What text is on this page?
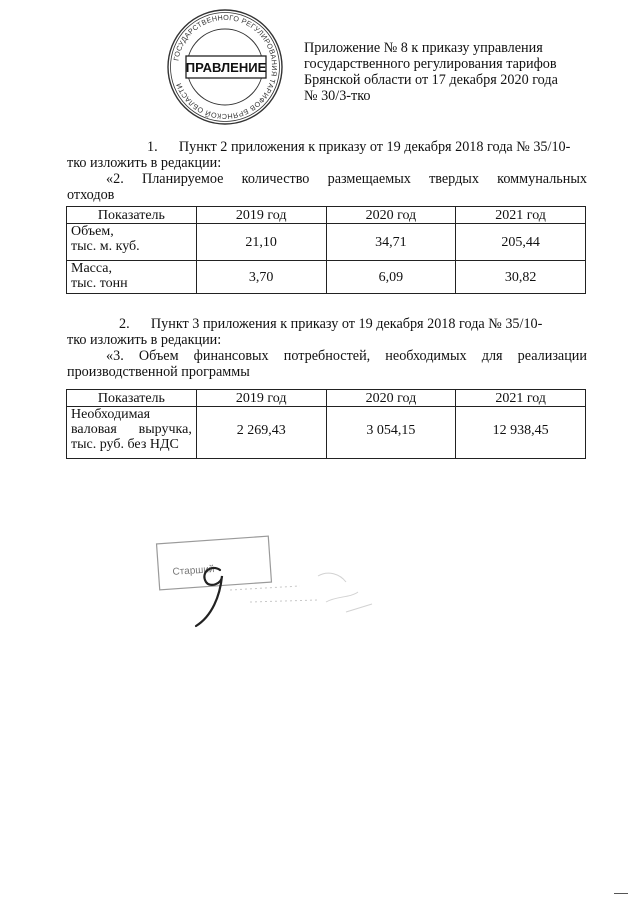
ГОСУДАРСТВЕННОГО РЕГУЛИРОВАНИЯ ТАРИФОВ БРЯНСКОЙ ОБЛАСТИ
ПРАВЛЕНИЕ
Приложение № 8 к приказу управления
государственного регулирования тарифов
Брянской области от 17 декабря 2020 года
№ 30/3-тко
1.      Пункт 2 приложения к приказу от 19 декабря 2018 года № 35/10-
тко изложить в редакции:
«2. Планируемое количество размещаемых твердых коммунальных
отходов
Показатель	2019 год	2020 год	2021 год

Объем,
тыс. м. куб.	21,10	34,71	205,44

Масса,
тыс. тонн	3,70	6,09	30,82
2.      Пункт 3 приложения к приказу от 19 декабря 2018 года № 35/10-
тко изложить в редакции:
«3. Объем финансовых потребностей, необходимых для реализации
производственной программы
Показатель	2019 год	2020 год	2021 год

Необходимая
валовая выручка,
тыс. руб. без НДС	2 269,43	3 054,15	12 938,45
Старший
